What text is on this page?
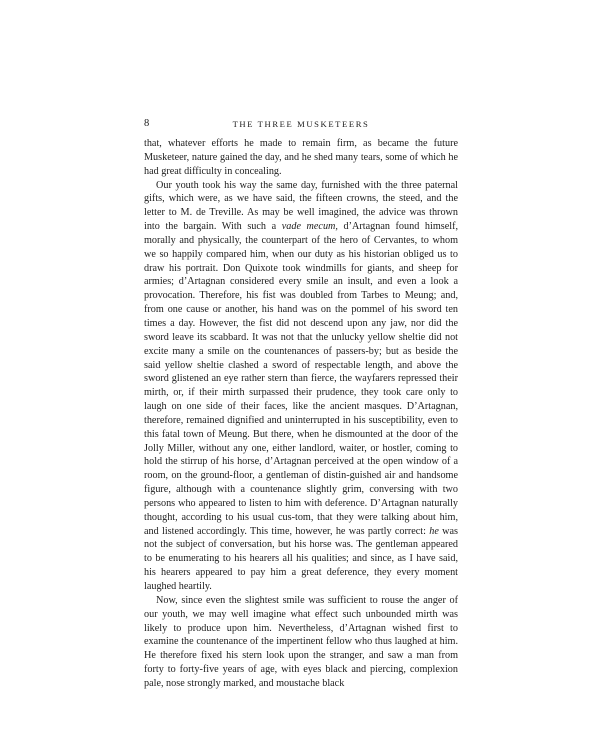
8	THE THREE MUSKETEERS

that, whatever efforts he made to remain firm, as became the future Musketeer, nature gained the day, and he shed many tears, some of which he had great difficulty in concealing.

Our youth took his way the same day, furnished with the three paternal gifts, which were, as we have said, the fifteen crowns, the steed, and the letter to M. de Treville. As may be well imagined, the advice was thrown into the bargain. With such a vade mecum, d’Artagnan found himself, morally and physically, the counterpart of the hero of Cervantes, to whom we so happily compared him, when our duty as his historian obliged us to draw his portrait. Don Quixote took windmills for giants, and sheep for armies; d’Artagnan considered every smile an insult, and even a look a provocation. Therefore, his fist was doubled from Tarbes to Meung; and, from one cause or another, his hand was on the pommel of his sword ten times a day. However, the fist did not descend upon any jaw, nor did the sword leave its scabbard. It was not that the unlucky yellow sheltie did not excite many a smile on the countenances of passers-by; but as beside the said yellow sheltie clashed a sword of respectable length, and above the sword glistened an eye rather stern than fierce, the wayfarers repressed their mirth, or, if their mirth surpassed their prudence, they took care only to laugh on one side of their faces, like the ancient masques. D’Artagnan, therefore, remained dignified and uninterrupted in his susceptibility, even to this fatal town of Meung. But there, when he dismounted at the door of the Jolly Miller, without any one, either landlord, waiter, or hostler, coming to hold the stirrup of his horse, d’Artagnan perceived at the open window of a room, on the ground-floor, a gentleman of distin-guished air and handsome figure, although with a countenance slightly grim, conversing with two persons who appeared to listen to him with deference. D’Artagnan naturally thought, according to his usual cus-tom, that they were talking about him, and listened accordingly. This time, however, he was partly correct: he was not the subject of conversation, but his horse was. The gentleman appeared to be enumerating to his hearers all his qualities; and since, as I have said, his hearers appeared to pay him a great deference, they every moment laughed heartily.

Now, since even the slightest smile was sufficient to rouse the anger of our youth, we may well imagine what effect such unbounded mirth was likely to produce upon him. Nevertheless, d’Artagnan wished first to examine the countenance of the impertinent fellow who thus laughed at him. He therefore fixed his stern look upon the stranger, and saw a man from forty to forty-five years of age, with eyes black and piercing, complexion pale, nose strongly marked, and moustache black
